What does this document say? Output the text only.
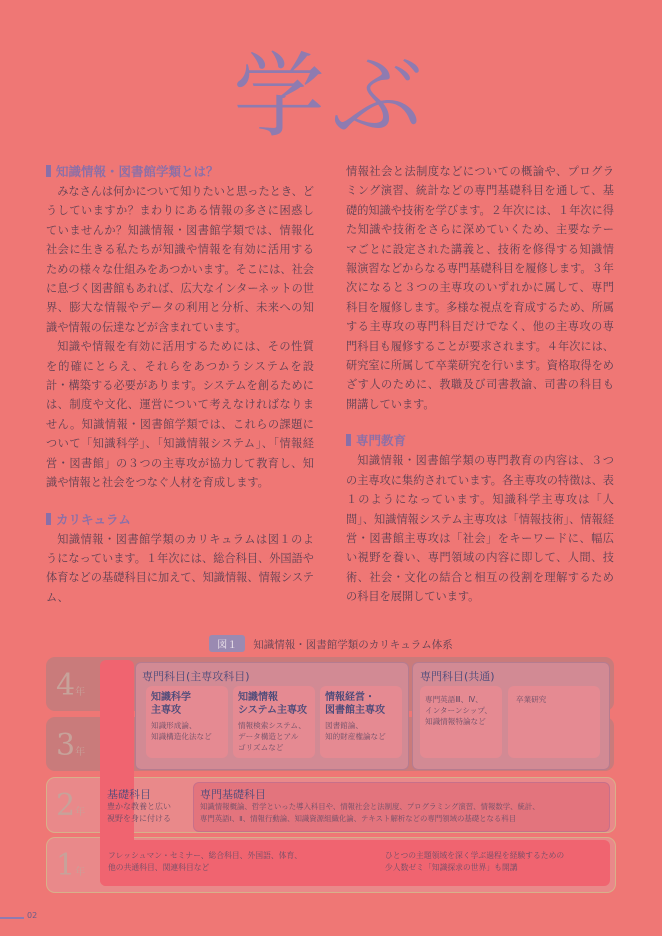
学ぶ
知識情報・図書館学類とは？

みなさんは何かについて知りたいと思ったとき、どうしていますか？まわりにある情報の多さに困惑していませんか？知識情報・図書館学類では、情報化社会に生きる私たちが知識や情報を有効に活用するための様々な仕組みをあつかいます。そこには、社会に息づく図書館もあれば、広大なインターネットの世界、膨大な情報やデータの利用と分析、未来への知識や情報の伝達などが含まれています。

知識や情報を有効に活用するためには、その性質を的確にとらえ、それらをあつかうシステムを設計・構築する必要があります。システムを創るためには、制度や文化、運営について考えなければなりません。知識情報・図書館学類では、これらの課題について「知識科学」、「知識情報システム」、「情報経営・図書館」の３つの主専攻が協力して教育し、知識や情報と社会をつなぐ人材を育成します。

カリキュラム

知識情報・図書館学類のカリキュラムは図１のようになっています。１年次には、総合科目、外国語や体育などの基礎科目に加えて、知識情報、情報システム、

情報社会と法制度などについての概論や、プログラミング演習、統計などの専門基礎科目を通して、基礎的知識や技術を学びます。２年次には、１年次に得た知識や技術をさらに深めていくため、主要なテーマごとに設定された講義と、技術を修得する知識情報演習などからなる専門基礎科目を履修します。３年次になると３つの主専攻のいずれかに属して、専門科目を履修します。多様な視点を育成するため、所属する主専攻の専門科目だけでなく、他の主専攻の専門科目も履修することが要求されます。４年次には、研究室に所属して卒業研究を行います。資格取得をめざす人のために、教職及び司書教諭、司書の科目も開講しています。

専門教育

知識情報・図書館学類の専門教育の内容は、３つの主専攻に集約されています。各主専攻の特徴は、表１のようになっています。知識科学主専攻は「人間」、知識情報システム主専攻は「情報技術」、情報経営・図書館主専攻は「社会」をキーワードに、幅広い視野を養い、専門領域の内容に即して、人間、技術、社会・文化の結合と相互の役割を理解するための科目を展開しています。

図１ 知識情報・図書館学類のカリキュラム体系
4年
3年
2年
1年
専門科目(主専攻科目)
知識科学
主専攻
知識形成論、
知識構造化法など
知識情報
システム主専攻
情報検索システム、
データ構造とアル
ゴリズムなど
情報経営・
図書館主専攻
図書館論、
知的財産権論など
専門科目(共通)
専門英語Ⅲ、Ⅳ、
インターンシップ、
知識情報特論など
卒業研究
基礎科目
豊かな教養と広い
視野を身に付ける
専門基礎科目
知識情報概論、哲学といった導入科目や、情報社会と法制度、プログラミング演習、情報数学、統計、
専門英語Ⅰ、Ⅱ、情報行動論、知識資源組織化論、テキスト解析などの専門領域の基礎となる科目
フレッシュマン・セミナー、総合科目、外国語、体育、
他の共通科目、関連科目など
ひとつの主題領域を深く学ぶ過程を経験するための
少人数ゼミ「知識探求の世界」も開講
02
